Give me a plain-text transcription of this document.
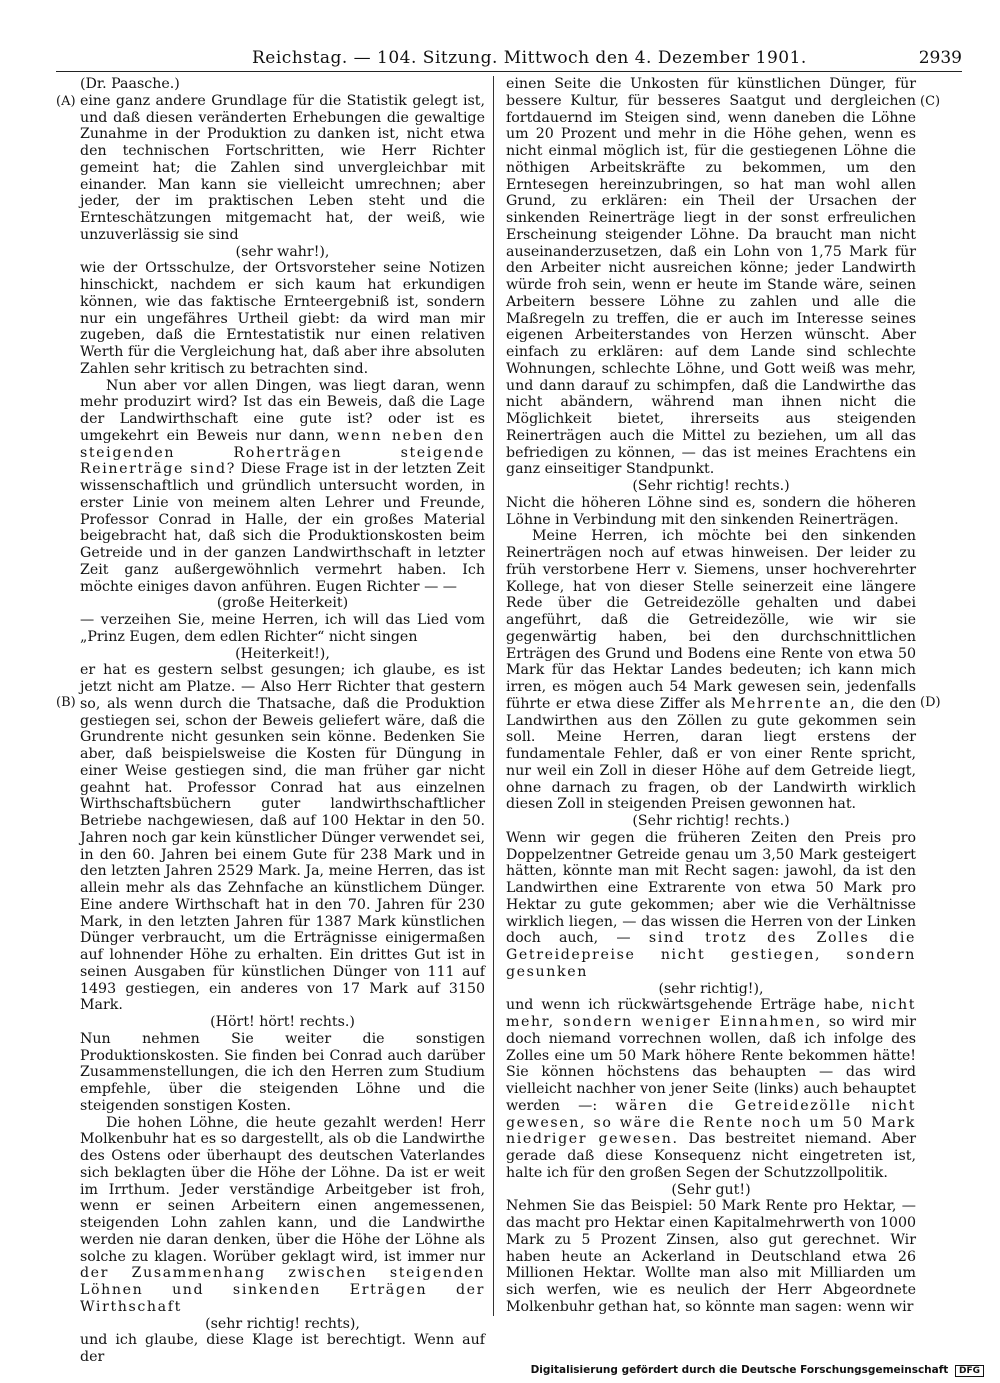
Reichstag. — 104. Sitzung. Mittwoch den 4. Dezember 1901.	2939
(A)
(B)
(C)
(D)

(Dr. Paasche.)

eine ganz andere Grundlage für die Statistik gelegt ist, und daß diesen veränderten Erhebungen die gewaltige Zunahme in der Produktion zu danken ist, nicht etwa den technischen Fortschritten, wie Herr Richter gemeint hat; die Zahlen sind unvergleichbar mit einander. Man kann sie vielleicht umrechnen; aber jeder, der im praktischen Leben steht und die Ernteschätzungen mitgemacht hat, der weiß, wie unzuverlässig sie sind

(sehr wahr!),

wie der Ortsschulze, der Ortsvorsteher seine Notizen hinschickt, nachdem er sich kaum hat erkundigen können, wie das faktische Ernteergebniß ist, sondern nur ein ungefähres Urtheil giebt: da wird man mir zugeben, daß die Erntestatistik nur einen relativen Werth für die Vergleichung hat, daß aber ihre absoluten Zahlen sehr kritisch zu betrachten sind.

Nun aber vor allen Dingen, was liegt daran, wenn mehr produzirt wird? Ist das ein Beweis, daß die Lage der Landwirthschaft eine gute ist? oder ist es umgekehrt ein Beweis nur dann, wenn neben den steigenden Roherträgen steigende Reinerträge sind? Diese Frage ist in der letzten Zeit wissenschaftlich und gründlich untersucht worden, in erster Linie von meinem alten Lehrer und Freunde, Professor Conrad in Halle, der ein großes Material beigebracht hat, daß sich die Produktionskosten beim Getreide und in der ganzen Landwirthschaft in letzter Zeit ganz außergewöhnlich vermehrt haben. Ich möchte einiges davon anführen. Eugen Richter — —

(große Heiterkeit)

— verzeihen Sie, meine Herren, ich will das Lied vom „Prinz Eugen, dem edlen Richter“ nicht singen

(Heiterkeit!),

er hat es gestern selbst gesungen; ich glaube, es ist jetzt nicht am Platze. — Also Herr Richter that gestern so, als wenn durch die Thatsache, daß die Produktion gestiegen sei, schon der Beweis geliefert wäre, daß die Grundrente nicht gesunken sein könne. Bedenken Sie aber, daß beispielsweise die Kosten für Düngung in einer Weise gestiegen sind, die man früher gar nicht geahnt hat. Professor Conrad hat aus einzelnen Wirthschaftsbüchern guter landwirthschaftlicher Betriebe nachgewiesen, daß auf 100 Hektar in den 50. Jahren noch gar kein künstlicher Dünger verwendet sei, in den 60. Jahren bei einem Gute für 238 Mark und in den letzten Jahren 2529 Mark. Ja, meine Herren, das ist allein mehr als das Zehnfache an künstlichem Dünger. Eine andere Wirthschaft hat in den 70. Jahren für 230 Mark, in den letzten Jahren für 1387 Mark künstlichen Dünger verbraucht, um die Erträgnisse einigermaßen auf lohnender Höhe zu erhalten. Ein drittes Gut ist in seinen Ausgaben für künstlichen Dünger von 111 auf 1493 gestiegen, ein anderes von 17 Mark auf 3150 Mark.

(Hört! hört! rechts.)

Nun nehmen Sie weiter die sonstigen Produktionskosten. Sie finden bei Conrad auch darüber Zusammenstellungen, die ich den Herren zum Studium empfehle, über die steigenden Löhne und die steigenden sonstigen Kosten.

Die hohen Löhne, die heute gezahlt werden! Herr Molkenbuhr hat es so dargestellt, als ob die Landwirthe des Ostens oder überhaupt des deutschen Vaterlandes sich beklagten über die Höhe der Löhne. Da ist er weit im Irrthum. Jeder verständige Arbeitgeber ist froh, wenn er seinen Arbeitern einen angemessenen, steigenden Lohn zahlen kann, und die Landwirthe werden nie daran denken, über die Höhe der Löhne als solche zu klagen. Worüber geklagt wird, ist immer nur der Zusammenhang zwischen steigenden Löhnen und sinkenden Erträgen der Wirthschaft

(sehr richtig! rechts),

und ich glaube, diese Klage ist berechtigt. Wenn auf der

einen Seite die Unkosten für künstlichen Dünger, für bessere Kultur, für besseres Saatgut und dergleichen fortdauernd im Steigen sind, wenn daneben die Löhne um 20 Prozent und mehr in die Höhe gehen, wenn es nicht einmal möglich ist, für die gestiegenen Löhne die nöthigen Arbeitskräfte zu bekommen, um den Erntesegen hereinzubringen, so hat man wohl allen Grund, zu erklären: ein Theil der Ursachen der sinkenden Reinerträge liegt in der sonst erfreulichen Erscheinung steigender Löhne. Da braucht man nicht auseinanderzusetzen, daß ein Lohn von 1,75 Mark für den Arbeiter nicht ausreichen könne; jeder Landwirth würde froh sein, wenn er heute im Stande wäre, seinen Arbeitern bessere Löhne zu zahlen und alle die Maßregeln zu treffen, die er auch im Interesse seines eigenen Arbeiterstandes von Herzen wünscht. Aber einfach zu erklären: auf dem Lande sind schlechte Wohnungen, schlechte Löhne, und Gott weiß was mehr, und dann darauf zu schimpfen, daß die Landwirthe das nicht abändern, während man ihnen nicht die Möglichkeit bietet, ihrerseits aus steigenden Reinerträgen auch die Mittel zu beziehen, um all das befriedigen zu können, — das ist meines Erachtens ein ganz einseitiger Standpunkt.

(Sehr richtig! rechts.)

Nicht die höheren Löhne sind es, sondern die höheren Löhne in Verbindung mit den sinkenden Reinerträgen.

Meine Herren, ich möchte bei den sinkenden Reinerträgen noch auf etwas hinweisen. Der leider zu früh verstorbene Herr v. Siemens, unser hochverehrter Kollege, hat von dieser Stelle seinerzeit eine längere Rede über die Getreidezölle gehalten und dabei angeführt, daß die Getreidezölle, wie wir sie gegenwärtig haben, bei den durchschnittlichen Erträgen des Grund und Bodens eine Rente von etwa 50 Mark für das Hektar Landes bedeuten; ich kann mich irren, es mögen auch 54 Mark gewesen sein, jedenfalls führte er etwa diese Ziffer als Mehrrente an, die den Landwirthen aus den Zöllen zu gute gekommen sein soll. Meine Herren, daran liegt erstens der fundamentale Fehler, daß er von einer Rente spricht, nur weil ein Zoll in dieser Höhe auf dem Getreide liegt, ohne darnach zu fragen, ob der Landwirth wirklich diesen Zoll in steigenden Preisen gewonnen hat.

(Sehr richtig! rechts.)

Wenn wir gegen die früheren Zeiten den Preis pro Doppelzentner Getreide genau um 3,50 Mark gesteigert hätten, könnte man mit Recht sagen: jawohl, da ist den Landwirthen eine Extrarente von etwa 50 Mark pro Hektar zu gute gekommen; aber wie die Verhältnisse wirklich liegen, — das wissen die Herren von der Linken doch auch, — sind trotz des Zolles die Getreidepreise nicht gestiegen, sondern gesunken

(sehr richtig!),

und wenn ich rückwärtsgehende Erträge habe, nicht mehr, sondern weniger Einnahmen, so wird mir doch niemand vorrechnen wollen, daß ich infolge des Zolles eine um 50 Mark höhere Rente bekommen hätte! Sie können höchstens das behaupten — das wird vielleicht nachher von jener Seite (links) auch behauptet werden —: wären die Getreidezölle nicht gewesen, so wäre die Rente noch um 50 Mark niedriger gewesen. Das bestreitet niemand. Aber gerade daß diese Konsequenz nicht eingetreten ist, halte ich für den großen Segen der Schutzzollpolitik.

(Sehr gut!)

Nehmen Sie das Beispiel: 50 Mark Rente pro Hektar, — das macht pro Hektar einen Kapitalmehrwerth von 1000 Mark zu 5 Prozent Zinsen, also gut gerechnet. Wir haben heute an Ackerland in Deutschland etwa 26 Millionen Hektar. Wollte man also mit Milliarden um sich werfen, wie es neulich der Herr Abgeordnete Molkenbuhr gethan hat, so könnte man sagen: wenn wir

Digitalisierung gefördert durch die Deutsche Forschungsgemeinschaft DFG
